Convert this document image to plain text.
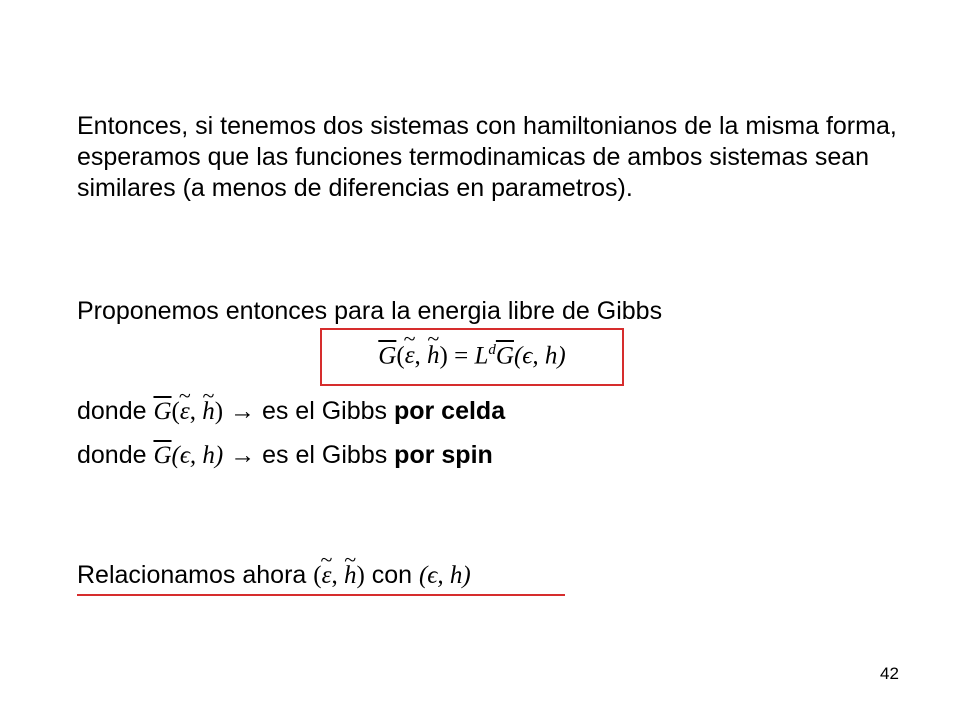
Entonces, si tenemos dos sistemas con hamiltonianos de la misma forma, esperamos que las funciones termodinamicas de ambos sistemas sean similares (a menos de diferencias en parametros).
Proponemos entonces para la energia libre de Gibbs
$\overline{G}(\sim$ ε, ~ $h) = L^d\overline{G}(\epsilon$, h)
donde $\overline{G}(\sim$ ε, ~ h) → es el Gibbs por celda
donde $\overline{G}(\epsilon$, h) → es el Gibbs por spin
Relacionamos ahora (~ ε, ~ h) con (ϵ, h)
42
